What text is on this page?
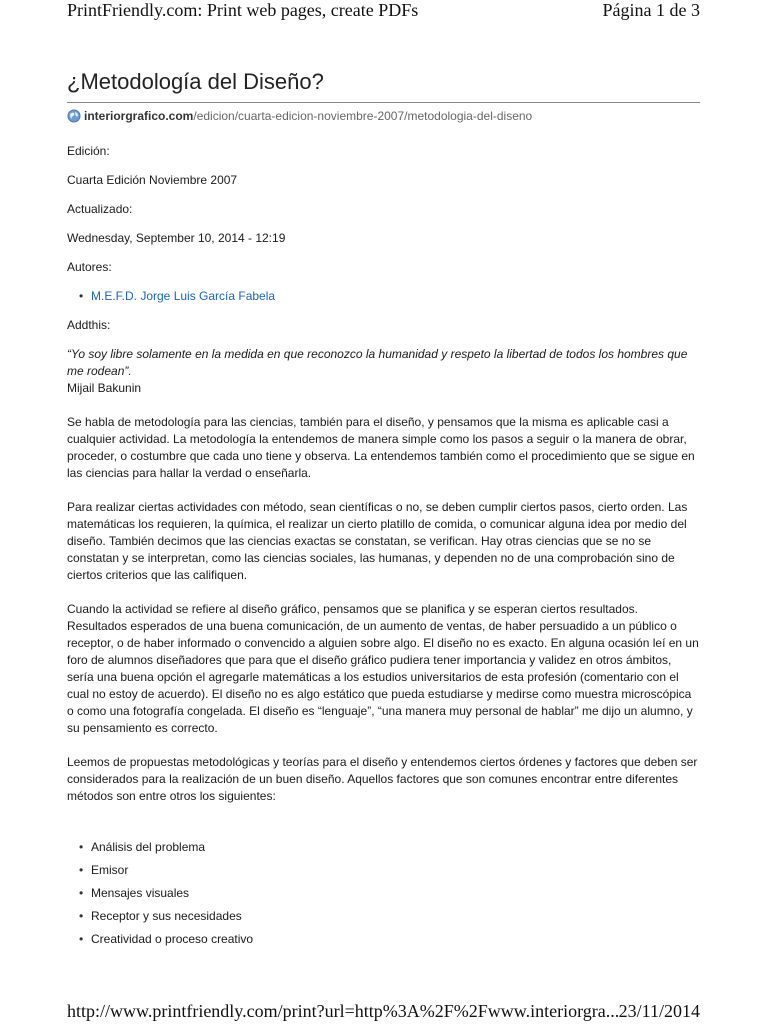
PrintFriendly.com: Print web pages, create PDFs	Página 1 de 3
¿Metodología del Diseño?
interiorgrafico.com /edicion/cuarta-edicion-noviembre-2007/metodologia-del-diseno
Edición:
Cuarta Edición Noviembre 2007
Actualizado:
Wednesday, September 10, 2014 - 12:19
Autores:
• M.E.F.D. Jorge Luis García Fabela
Addthis:
“Yo soy libre solamente en la medida en que reconozco la humanidad y respeto la libertad de todos los hombres que me rodean”.
Mijail Bakunin

Se habla de metodología para las ciencias, también para el diseño, y pensamos que la misma es aplicable casi a cualquier actividad. La metodología la entendemos de manera simple como los pasos a seguir o la manera de obrar, proceder, o costumbre que cada uno tiene y observa. La entendemos también como el procedimiento que se sigue en las ciencias para hallar la verdad o enseñarla.

Para realizar ciertas actividades con método, sean científicas o no, se deben cumplir ciertos pasos, cierto orden. Las matemáticas los requieren, la química, el realizar un cierto platillo de comida, o comunicar alguna idea por medio del diseño. También decimos que las ciencias exactas se constatan, se verifican. Hay otras ciencias que se no se constatan y se interpretan, como las ciencias sociales, las humanas, y dependen no de una comprobación sino de ciertos criterios que las califiquen.

Cuando la actividad se refiere al diseño gráfico, pensamos que se planifica y se esperan ciertos resultados. Resultados esperados de una buena comunicación, de un aumento de ventas, de haber persuadido a un público o receptor, o de haber informado o convencido a alguien sobre algo. El diseño no es exacto. En alguna ocasión leí en un foro de alumnos diseñadores que para que el diseño gráfico pudiera tener importancia y validez en otros ámbitos, sería una buena opción el agregarle matemáticas a los estudios universitarios de esta profesión (comentario con el cual no estoy de acuerdo). El diseño no es algo estático que pueda estudiarse y medirse como muestra microscópica o como una fotografía congelada. El diseño es “lenguaje”, “una manera muy personal de hablar” me dijo un alumno, y su pensamiento es correcto.

Leemos de propuestas metodológicas y teorías para el diseño y entendemos ciertos órdenes y factores que deben ser considerados para la realización de un buen diseño. Aquellos factores que son comunes encontrar entre diferentes métodos son entre otros los siguientes:

• Análisis del problema
• Emisor
• Mensajes visuales
• Receptor y sus necesidades
• Creatividad o proceso creativo
http://www.printfriendly.com/print?url=http%3A%2F%2Fwww.interiorgra... 23/11/2014
